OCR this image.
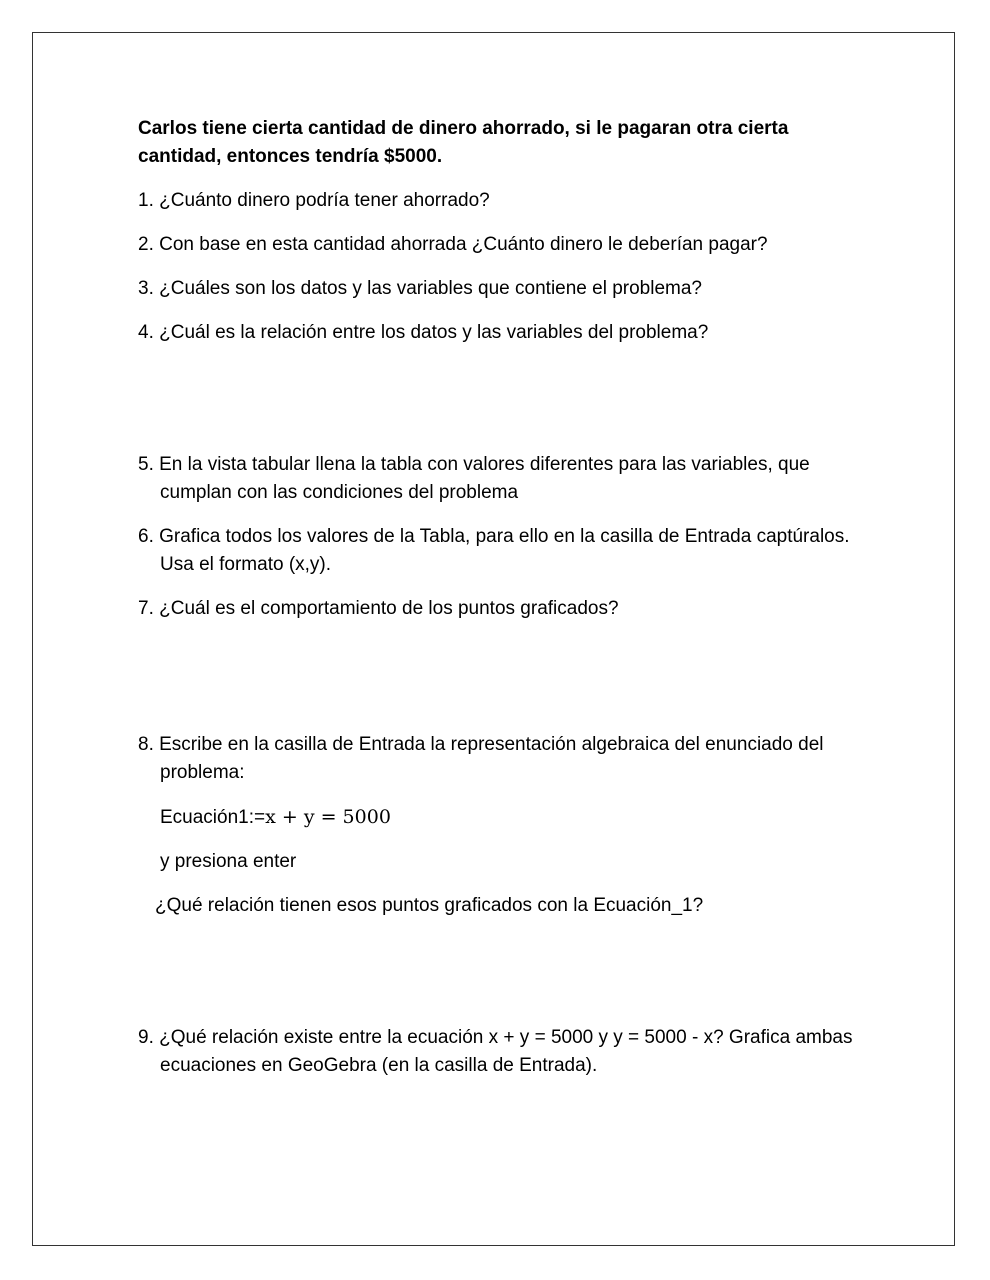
Carlos tiene cierta cantidad de dinero ahorrado, si le pagaran otra cierta cantidad, entonces tendría $5000.

1. ¿Cuánto dinero podría tener ahorrado?

2. Con base en esta cantidad ahorrada ¿Cuánto dinero le deberían pagar?

3. ¿Cuáles son los datos y las variables que contiene el problema?

4. ¿Cuál es la relación entre los datos y las variables del problema?

5. En la vista tabular llena la tabla con valores diferentes para las variables, que cumplan con las condiciones del problema

6. Grafica todos los valores de la Tabla, para ello en la casilla de Entrada captúralos. Usa el formato (x,y).

7. ¿Cuál es el comportamiento de los puntos graficados?

8. Escribe en la casilla de Entrada la representación algebraica del enunciado del problema:

Ecuación1:=x + y = 5000

y presiona enter

¿Qué relación tienen esos puntos graficados con la Ecuación_1?

9. ¿Qué relación existe entre la ecuación x + y = 5000 y y = 5000 - x? Grafica ambas ecuaciones en GeoGebra (en la casilla de Entrada).
